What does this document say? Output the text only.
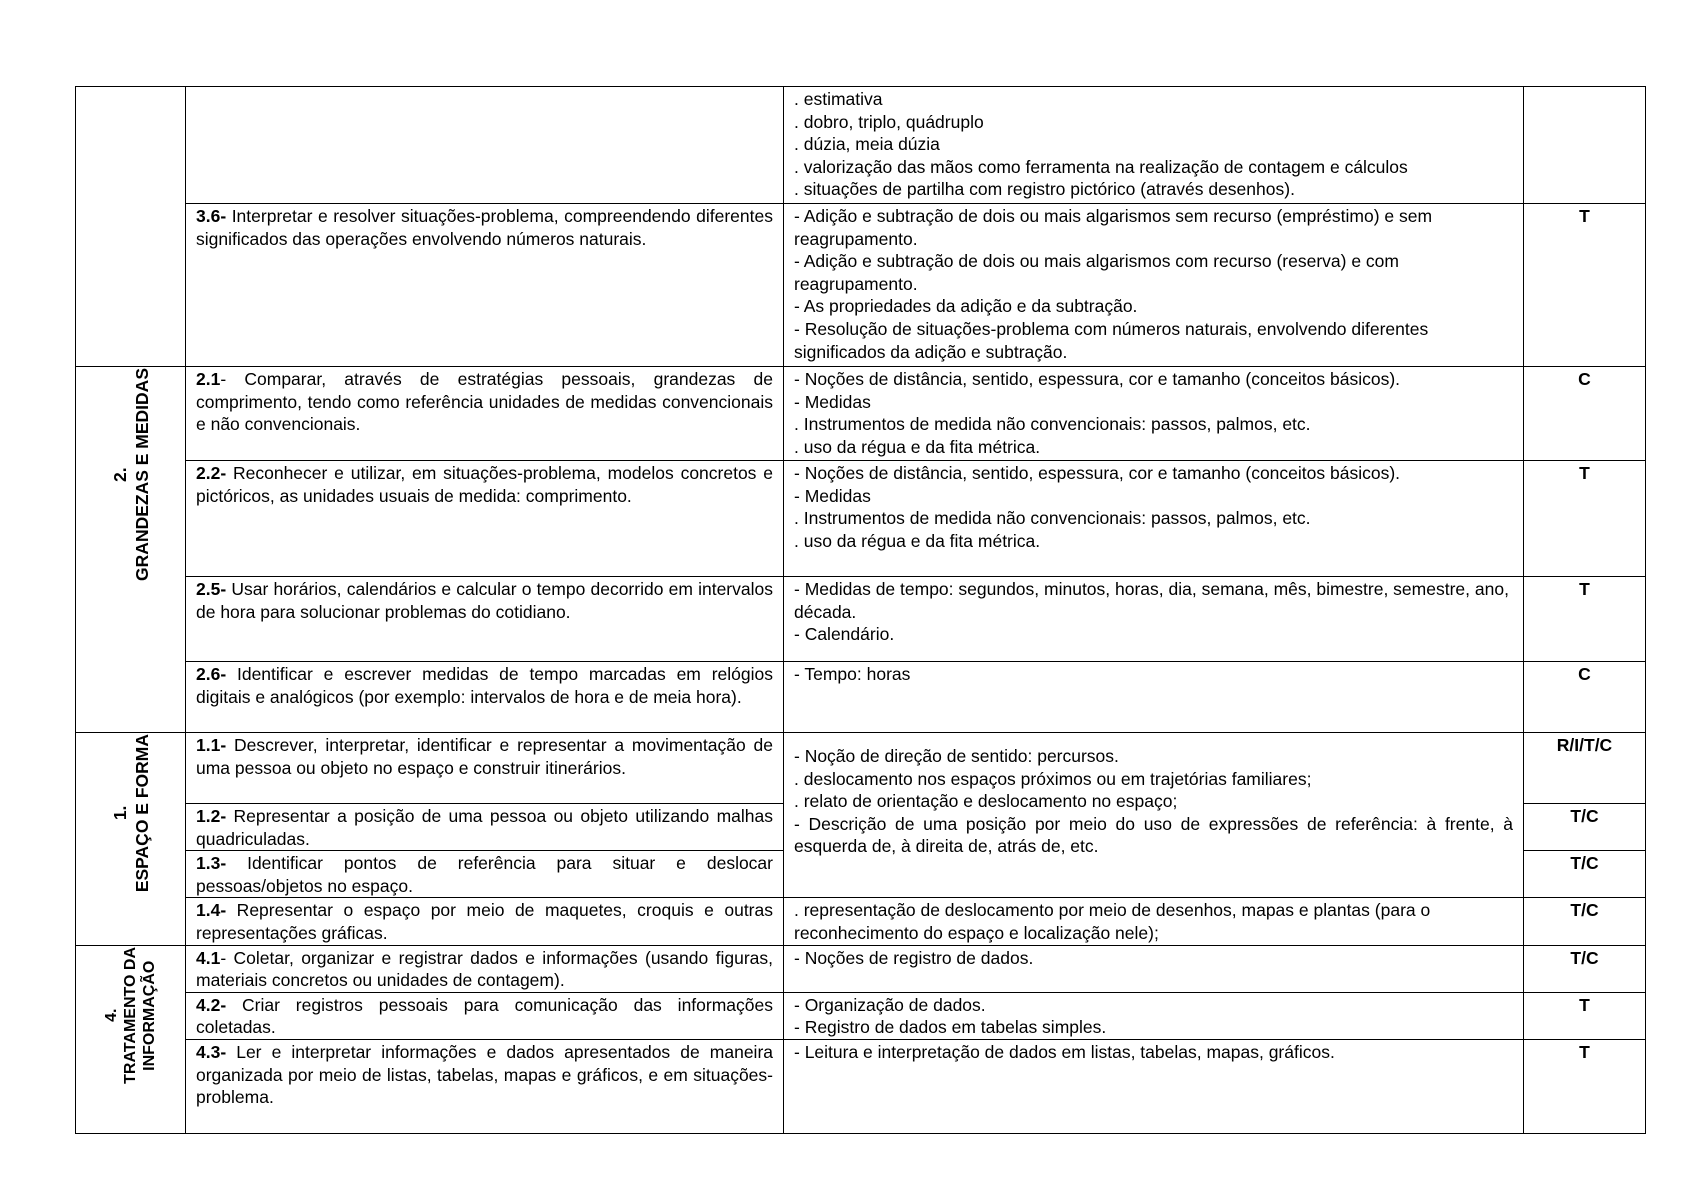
		. estimativa
. dobro, triplo, quádruplo
. dúzia, meia dúzia
. valorização das mãos como ferramenta na realização de contagem e cálculos
. situações de partilha com registro pictórico (através desenhos).	

	3.6- Interpretar e resolver situações-problema, compreendendo diferentes significados das operações envolvendo números naturais.	- Adição e subtração de dois ou mais algarismos sem recurso (empréstimo) e sem reagrupamento.
- Adição e subtração de dois ou mais algarismos com recurso (reserva) e com reagrupamento.
- As propriedades da adição e da subtração.
- Resolução de situações-problema com números naturais, envolvendo diferentes significados da adição e subtração.	T

2. GRANDEZAS E MEDIDAS	2.1- Comparar, através de estratégias pessoais, grandezas de comprimento, tendo como referência unidades de medidas convencionais e não convencionais.	- Noções de distância, sentido, espessura, cor e tamanho (conceitos básicos).
- Medidas
. Instrumentos de medida não convencionais: passos, palmos, etc.
. uso da régua e da fita métrica.	C
	2.2- Reconhecer e utilizar, em situações-problema, modelos concretos e pictóricos, as unidades usuais de medida: comprimento.	- Noções de distância, sentido, espessura, cor e tamanho (conceitos básicos).
- Medidas
. Instrumentos de medida não convencionais: passos, palmos, etc.
. uso da régua e da fita métrica.	T
	2.5- Usar horários, calendários e calcular o tempo decorrido em intervalos de hora para solucionar problemas do cotidiano.	- Medidas de tempo: segundos, minutos, horas, dia, semana, mês, bimestre, semestre, ano, década.
- Calendário.	T
	2.6- Identificar e escrever medidas de tempo marcadas em relógios digitais e analógicos (por exemplo: intervalos de hora e de meia hora).	- Tempo: horas	C

1. ESPAÇO E FORMA	1.1- Descrever, interpretar, identificar e representar a movimentação de uma pessoa ou objeto no espaço e construir itinerários.	- Noção de direção de sentido: percursos.
. deslocamento nos espaços próximos ou em trajetórias familiares;
. relato de orientação e deslocamento no espaço;
- Descrição de uma posição por meio do uso de expressões de referência: à frente, à esquerda de, à direita de, atrás de, etc.	R/I/T/C
	1.2- Representar a posição de uma pessoa ou objeto utilizando malhas quadriculadas.		T/C
	1.3- Identificar pontos de referência para situar e deslocar pessoas/objetos no espaço.		T/C
	1.4- Representar o espaço por meio de maquetes, croquis e outras representações gráficas.	. representação de deslocamento por meio de desenhos, mapas e plantas (para o reconhecimento do espaço e localização nele);	T/C

4. TRATAMENTO DA INFORMAÇÃO	4.1- Coletar, organizar e registrar dados e informações (usando figuras, materiais concretos ou unidades de contagem).	- Noções de registro de dados.	T/C
	4.2- Criar registros pessoais para comunicação das informações coletadas.	- Organização de dados.
- Registro de dados em tabelas simples.	T
	4.3- Ler e interpretar informações e dados apresentados de maneira organizada por meio de listas, tabelas, mapas e gráficos, e em situações-problema.	- Leitura e interpretação de dados em listas, tabelas, mapas, gráficos.	T
